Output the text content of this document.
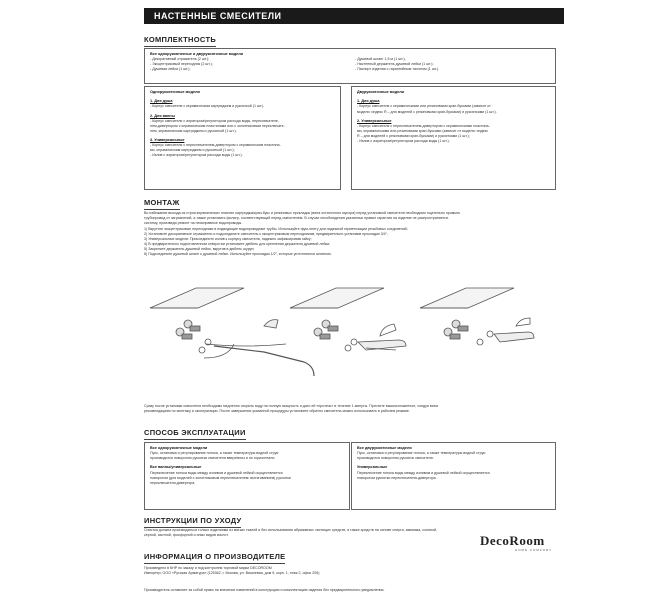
НАСТЕННЫЕ СМЕСИТЕЛИ
КОМПЛЕКТНОСТЬ
Все однорукояточные и двурукояточные модели
- Декоративный отражатель (2 шт.);
- Эксцентриковый переходник (2 шт.);
- Душевая лейка (1 шт.);
- Душевой шланг 1,5 м (1 шт.);
- Настенный держатель душевой лейки (1 шт.);
- Паспорт изделия с гарантийным талоном (1 шт.).
Однорукояточные модели
1. Для душа
- Корпус смесителя с керамическим картриджем и рукояткой (1 шт.).
2. Для ванны
- Корпус смесителя с аэратором/регулятором расхода воды, переключателе-
лем-дивертором с керамическим пластинами или с золотниковым переключате-
лем, керамическим картриджем и рукояткой (1 шт.).
3. Универсальные
- Корпус смесителя с переключателем-дивертором с керамическим пластина-
ми, керамическим картриджем и рукояткой (1 шт.);
- Излив с аэратором/регулятором расхода воды (1 шт.).
Двурукояточные модели
1. Для душа
- Корпус смесителя с керамическими или резиновыми кран-буксами (зависит от
модели: индекс R – для моделей с резиновыми кран-буксами) и рукоятками (1 шт.).
2. Универсальные
- Корпус смесителя с переключателем-дивертором с керамическими пластина-
ми, керамическими или резиновыми кран-буксами (зависит от модели: индекс
R – для моделей с резиновыми кран-буксами) и рукоятками (1 шт.);
- Излив с аэратором/регулятором расхода воды (1 шт.).
МОНТАЖ
Во избежание выхода из строя керамических пластин картриджа/кран-букс и резиновых прокладок (вина остаточного мусора) перед установкой смесителя необходимо тщательно промыть
трубопровод от загрязнений, а также установить фильтр, соответствующий перед смесителем. В случае несоблюдения указанных правил гарантия на изделие не распространяется.
систему, произведя ремонт на неисправные водопроводы.
1) Вкрутите эксцентриковые переходники в подводящие водопроводные трубы. Используйте фум-ленту для надежной герметизации резьбовых соединений;
2) Установите декоративные отражатели и подсоедините смеситель к эксцентриковым переходникам, предварительно установив прокладки 3/4";
3) Универсальные модели: Присоедините излив к корпусу смесителя, надежно зафиксировав гайку;
4) В предварительно подготовленном отверстии установите дюбель для крепления держателя душевой лейки;
5) Закрепите держатель душевой лейки, вкрутив в дюбель шуруп;
6) Подсоедините душевой шланг к душевой лейке. Используйте прокладки 1/2", которые уплотняются шлангом.
Сразу после установки смесителя необходимо медленно открыть воду на полную мощность и дать ей «протечь» в течение 1 минуты. Прочтите вышеизложенное, следуя всем
рекомендациям по монтажу и эксплуатации. После завершения указанной процедуры установите обратно смеситель можно использовать в рабочем режиме.
СПОСОБ ЭКСПЛУАТАЦИИ
Все однорукояточные модели
Пуск, остановка и регулирование потока, а также температуры водной струи
производится поворотом рукоятки смесителя вверх/вниз и по горизонтали.
Все ванны/универсальные
Переключение потока воды между изливом и душевой лейкой осуществляется
поворотом (для моделей с золотниковым переключателем: вытягиванием) рукоятки
переключателя-дивертора.
Все двурукояточные модели
Пуск, остановка и регулирование потока, а также температуры водной струи
производится поворотом рукояток смесителя.
Универсальные
Переключение потока воды между изливом и душевой лейкой осуществляется
поворотом рукоятки переключателя-дивертора.
ИНСТРУКЦИИ ПО УХОДУ
Очистка должна производиться только изделиями из мягких тканей и без использования абразивных чистящих средств, а также средств на основе спирта, аммиака, соляной,
серной, азотной, фосфорной и иных видов кислот.
ИНФОРМАЦИЯ О ПРОИЗВОДИТЕЛЕ
Произведено в КНР по заказу и под контролем торговой марки DECOROOM
Импортер: ООО «Русская Арматура» (125362, г. Москва, ул. Вишневая, дом 9, корп. 1, этаж 2, офис 205)
Производитель оставляет за собой право на внесение изменений в конструкцию и комплектацию изделия без предварительного уведомления.
DecoRoom
HOME COMFORT
